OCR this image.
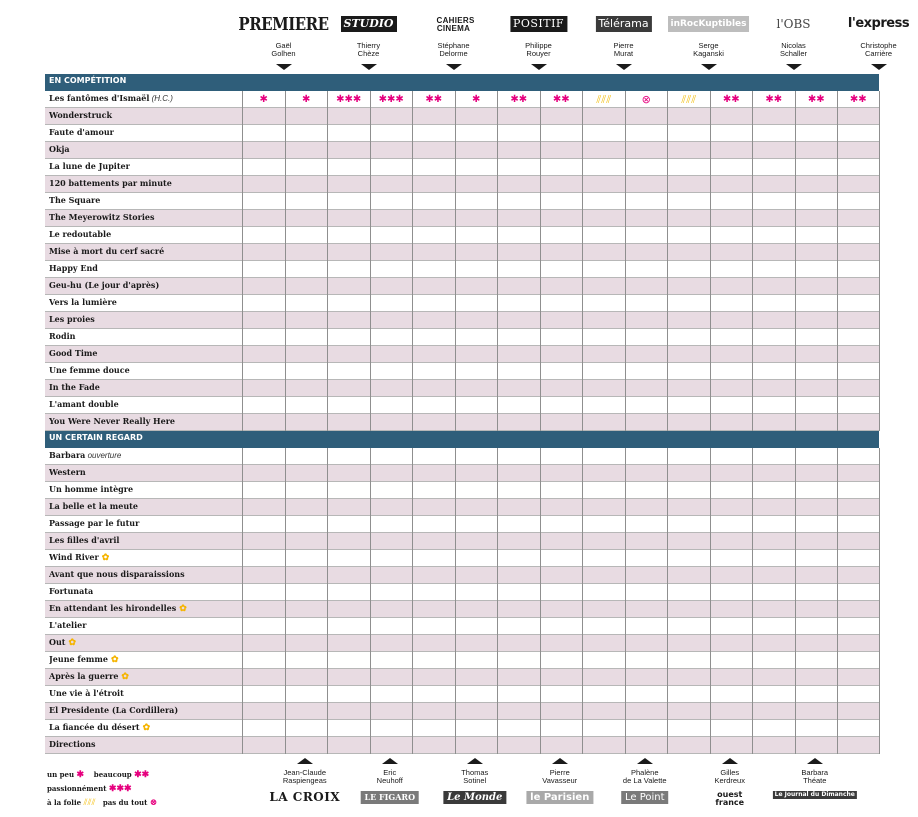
PREMIERE
Gaël
Golhen
STUDIO
Thierry
Chèze
CAHIERS CINEMA
Stéphane
Delorme
POSITIF
Philippe
Rouyer
Télérama
Pierre
Murat
inRocKuptibles
Serge
Kaganski
l'OBS
Nicolas
Schaller
l'express
Christophe
Carrière
EN COMPÉTITION
Les fantômes d'Ismaël (H.C.)	✱	✱	✱✱✱	✱✱✱	✱✱	✱	✱✱	✱✱	⫽⫽⫽	⊗	⫽⫽⫽	✱✱	✱✱	✱✱	✱✱
Wonderstruck
Faute d'amour
Okja
La lune de Jupiter
120 battements par minute
The Square
The Meyerowitz Stories
Le redoutable
Mise à mort du cerf sacré
Happy End
Geu-hu (Le jour d'après)
Vers la lumière
Les proies
Rodin
Good Time
Une femme douce
In the Fade
L'amant double
You Were Never Really Here
UN CERTAIN REGARD
Barbara ouverture
Western
Un homme intègre
La belle et la meute
Passage par le futur
Les filles d'avril
Wind River ✿
Avant que nous disparaissions
Fortunata
En attendant les hirondelles ✿
L'atelier
Out ✿
Jeune femme ✿
Après la guerre ✿
Une vie à l'étroit
El Presidente (La Cordillera)
La fiancée du désert ✿
Directions
un peu ✱ beaucoup ✱✱
passionnément ✱✱✱
à la folie ⫽⫽⫽ pas du tout ⊗
Jean-Claude
Raspiengeas
LA CROIX
Eric
Neuhoff
LE FIGARO
Thomas
Sotinel
Le Monde
Pierre
Vavasseur
le Parisien
Phalène
de La Valette
Le Point
Gilles
Kerdreux
ouest france
Barbara
Théate
Le Journal du Dimanche
